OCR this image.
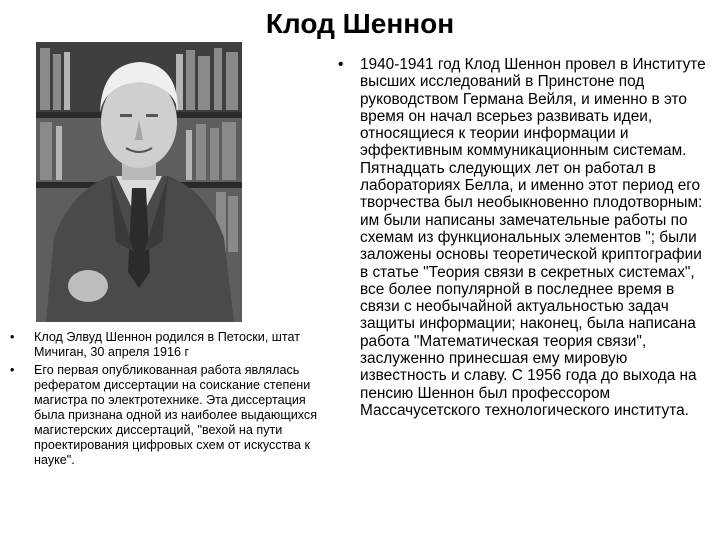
Клод Шеннон
• Клод Элвуд Шеннон родился в Петоски, штат Мичиган, 30 апреля 1916 г
• Его первая опубликованная работа являлась рефератом диссертации на соискание степени магистра по электротехнике. Эта диссертация была признана одной из наиболее выдающихся магистерских диссертаций, "вехой на пути проектирования цифровых схем от искусства к науке".
• 1940-1941 год Клод Шеннон провел в Институте высших исследований в Принстоне под руководством Германа Вейля, и именно в это время он начал всерьез развивать идеи, относящиеся к теории информации и эффективным коммуникационным системам. Пятнадцать следующих лет он работал в лабораториях Белла, и именно этот период его творчества был необыкновенно плодотворным: им были написаны замечательные работы по схемам из функциональных элементов "; были заложены основы теоретической криптографии в статье "Теория связи в секретных системах", все более популярной в последнее время в связи с необычайной актуальностью задач защиты информации; наконец, была написана работа "Математическая теория связи", заслуженно принесшая ему мировую известность и славу. С 1956 года до выхода на пенсию Шеннон был профессором Массачусетского технологического института.
